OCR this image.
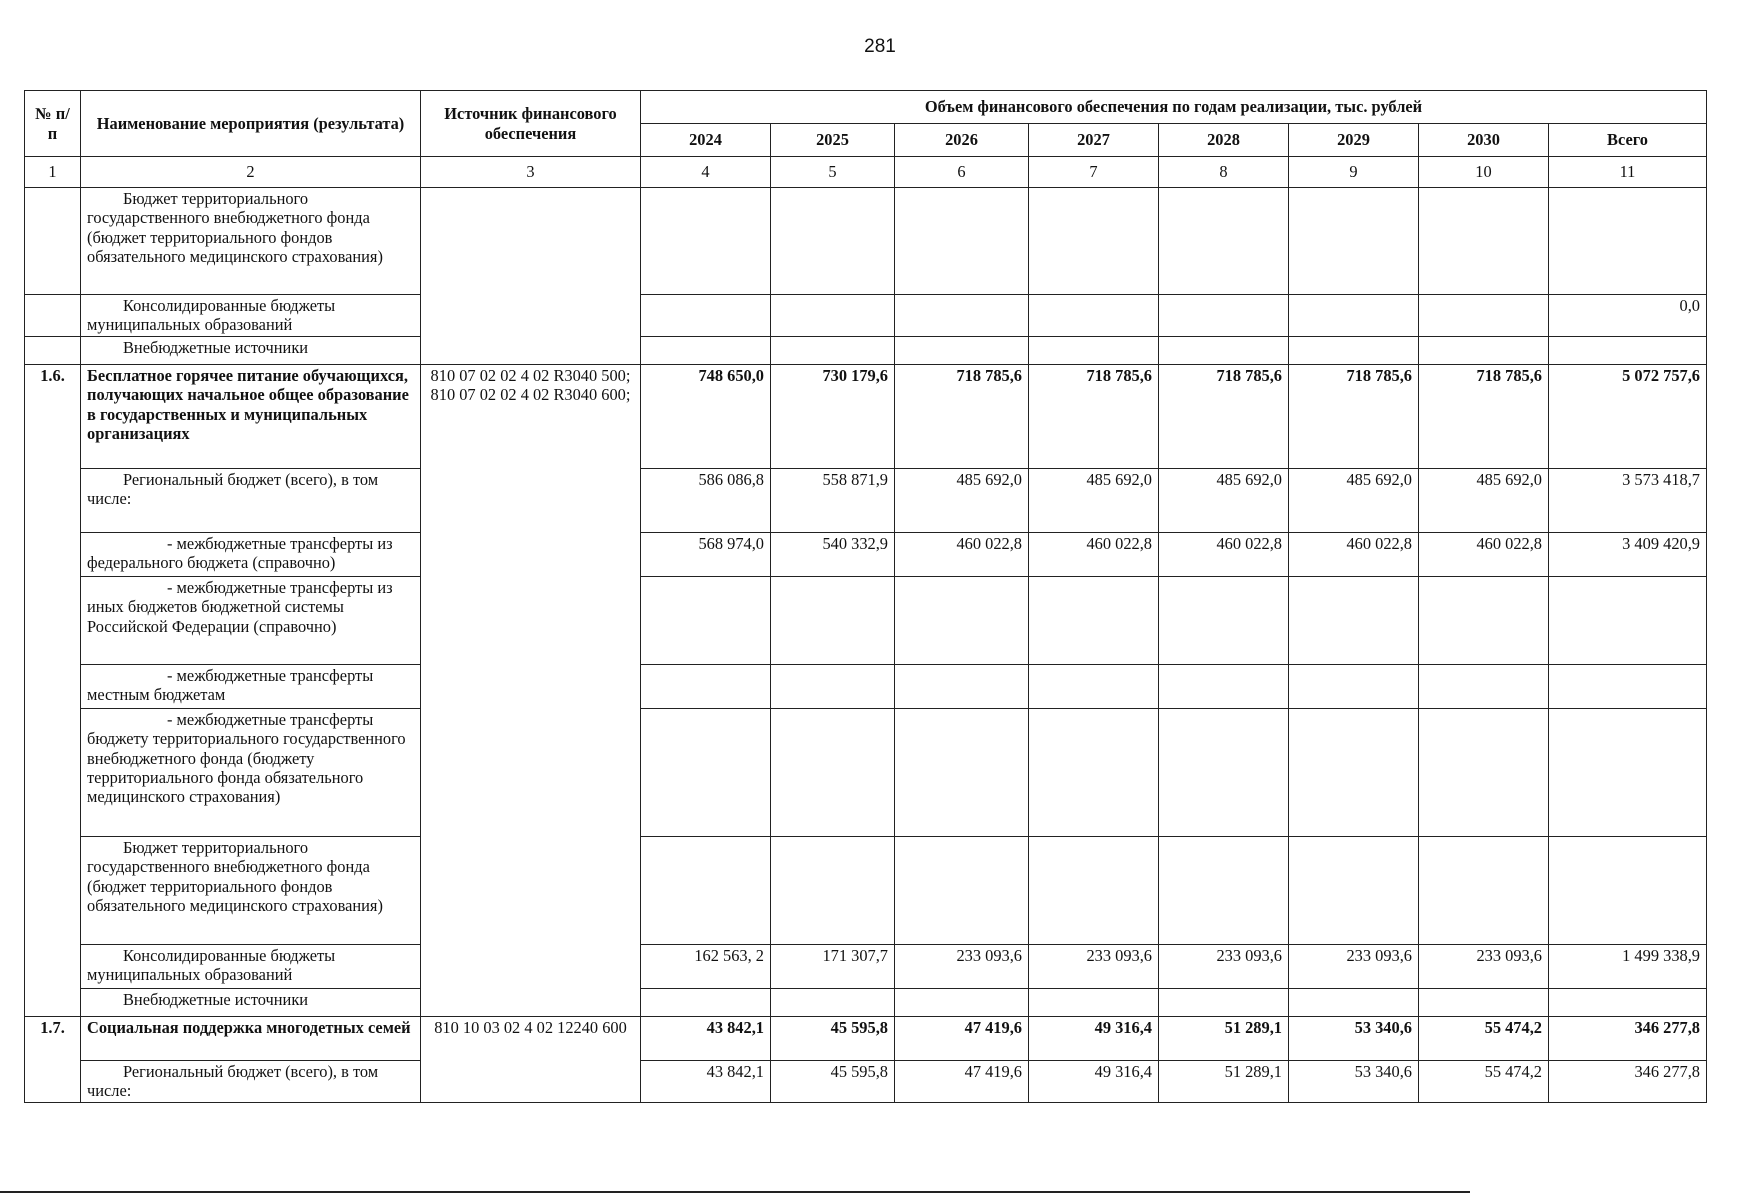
281
№ п/п	Наименование мероприятия (результата)	Источник финансового обеспечения	Объем финансового обеспечения по годам реализации, тыс. рублей							
			2024	2025	2026	2027	2028	2029	2030	Всего
1	2	3	4	5	6	7	8	9	10	11
	Бюджет территориального государственного внебюджетного фонда (бюджет территориального фондов обязательного медицинского страхования)									
	Консолидированные бюджеты муниципальных образований									0,0
	Внебюджетные источники									
1.6.	Бесплатное горячее питание обучающихся, получающих начальное общее образование в государственных и муниципальных организациях	810 07 02 02 4 02 R3040 500; 810 07 02 02 4 02 R3040 600;	748 650,0	730 179,6	718 785,6	718 785,6	718 785,6	718 785,6	718 785,6	5 072 757,6
	Региональный бюджет (всего), в том числе:		586 086,8	558 871,9	485 692,0	485 692,0	485 692,0	485 692,0	485 692,0	3 573 418,7
	- межбюджетные трансферты из федерального бюджета (справочно)		568 974,0	540 332,9	460 022,8	460 022,8	460 022,8	460 022,8	460 022,8	3 409 420,9
	- межбюджетные трансферты из иных бюджетов бюджетной системы Российской Федерации (справочно)									
	- межбюджетные трансферты местным бюджетам									
	- межбюджетные трансферты бюджету территориального государственного внебюджетного фонда (бюджету территориального фонда обязательного медицинского страхования)									
	Бюджет территориального государственного внебюджетного фонда (бюджет территориального фондов обязательного медицинского страхования)									
	Консолидированные бюджеты муниципальных образований		162 563, 2	171 307,7	233 093,6	233 093,6	233 093,6	233 093,6	233 093,6	1 499 338,9
	Внебюджетные источники									
1.7.	Социальная поддержка многодетных семей	810 10 03 02 4 02 12240 600	43 842,1	45 595,8	47 419,6	49 316,4	51 289,1	53 340,6	55 474,2	346 277,8
	Региональный бюджет (всего), в том числе:		43 842,1	45 595,8	47 419,6	49 316,4	51 289,1	53 340,6	55 474,2	346 277,8
